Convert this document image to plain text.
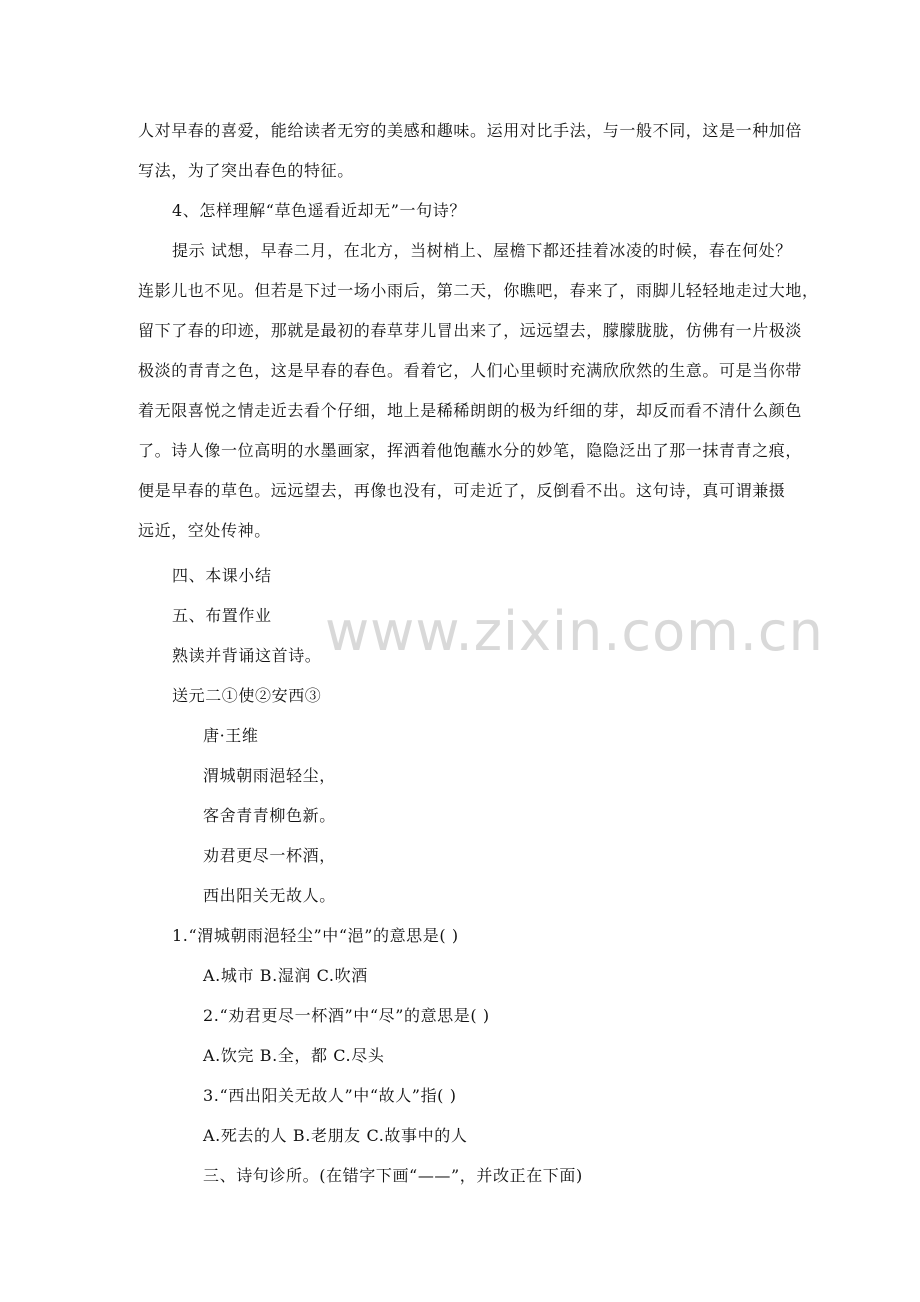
www.zixin.com.cn
人对早春的喜爱，能给读者无穷的美感和趣味。运用对比手法，与一般不同，这是一种加倍
写法，为了突出春色的特征。
4、怎样理解“草色遥看近却无”一句诗？
提示 试想，早春二月，在北方，当树梢上、屋檐下都还挂着冰凌的时候，春在何处？
连影儿也不见。但若是下过一场小雨后，第二天，你瞧吧，春来了，雨脚儿轻轻地走过大地，
留下了春的印迹，那就是最初的春草芽儿冒出来了，远远望去，朦朦胧胧，仿佛有一片极淡
极淡的青青之色，这是早春的春色。看着它，人们心里顿时充满欣欣然的生意。可是当你带
着无限喜悦之情走近去看个仔细，地上是稀稀朗朗的极为纤细的芽，却反而看不清什么颜色
了。诗人像一位高明的水墨画家，挥洒着他饱蘸水分的妙笔，隐隐泛出了那一抹青青之痕，
便是早春的草色。远远望去，再像也没有，可走近了，反倒看不出。这句诗，真可谓兼摄
远近，空处传神。
四、本课小结
五、布置作业
熟读并背诵这首诗。
送元二①使②安西③
唐·王维
渭城朝雨浥轻尘，
客舍青青柳色新。
劝君更尽一杯酒，
西出阳关无故人。
1.“渭城朝雨浥轻尘”中“浥”的意思是( )
A.城市 B.湿润 C.吹酒
2.“劝君更尽一杯酒”中“尽”的意思是( )
A.饮完 B.全，都 C.尽头
3.“西出阳关无故人”中“故人”指( )
A.死去的人 B.老朋友 C.故事中的人
三、诗句诊所。(在错字下画“——”，并改正在下面)
